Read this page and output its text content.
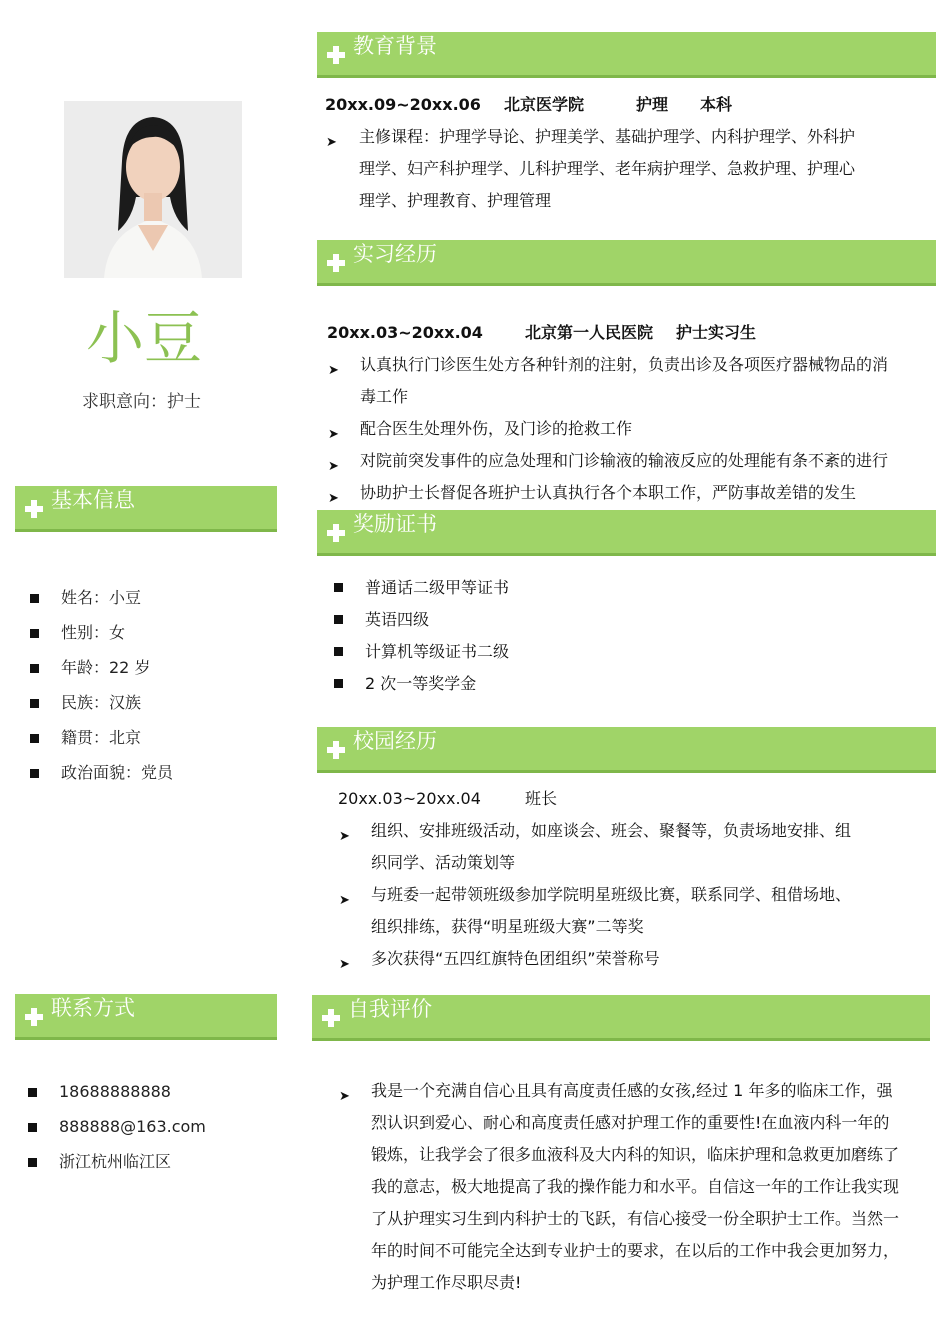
小豆
求职意向：护士
基本信息
姓名：小豆
性别：女
年龄：22 岁
民族：汉族
籍贯：北京
政治面貌：党员
联系方式
18688888888
888888@163.com
浙江杭州临江区
教育背景
20xx.09~20xx.06 北京医学院	护理 本科
➤
主修课程：护理学导论、护理美学、基础护理学、内科护理学、外科护
理学、妇产科护理学、儿科护理学、老年病护理学、急救护理、护理心
理学、护理教育、护理管理
实习经历
20xx.03~20xx.04	北京第一人民医院 护士实习生
➤
认真执行门诊医生处方各种针剂的注射，负责出诊及各项医疗器械物品的消
毒工作
➤
配合医生处理外伤，及门诊的抢救工作
➤
对院前突发事件的应急处理和门诊输液的输液反应的处理能有条不紊的进行
➤
协助护士长督促各班护士认真执行各个本职工作，严防事故差错的发生
奖励证书
普通话二级甲等证书
英语四级
计算机等级证书二级
2 次一等奖学金
校园经历
20xx.03~20xx.04	班长
➤
组织、安排班级活动，如座谈会、班会、聚餐等，负责场地安排、组
织同学、活动策划等
➤
与班委一起带领班级参加学院明星班级比赛，联系同学、租借场地、
组织排练，获得“明星班级大赛”二等奖
➤
多次获得“五四红旗特色团组织”荣誉称号
自我评价
➤
我是一个充满自信心且具有高度责任感的女孩,经过 1 年多的临床工作，强
烈认识到爱心、耐心和高度责任感对护理工作的重要性!在血液内科一年的
锻炼，让我学会了很多血液科及大内科的知识，临床护理和急救更加磨练了
我的意志，极大地提高了我的操作能力和水平。自信这一年的工作让我实现
了从护理实习生到内科护士的飞跃，有信心接受一份全职护士工作。当然一
年的时间不可能完全达到专业护士的要求，在以后的工作中我会更加努力，
为护理工作尽职尽责!
